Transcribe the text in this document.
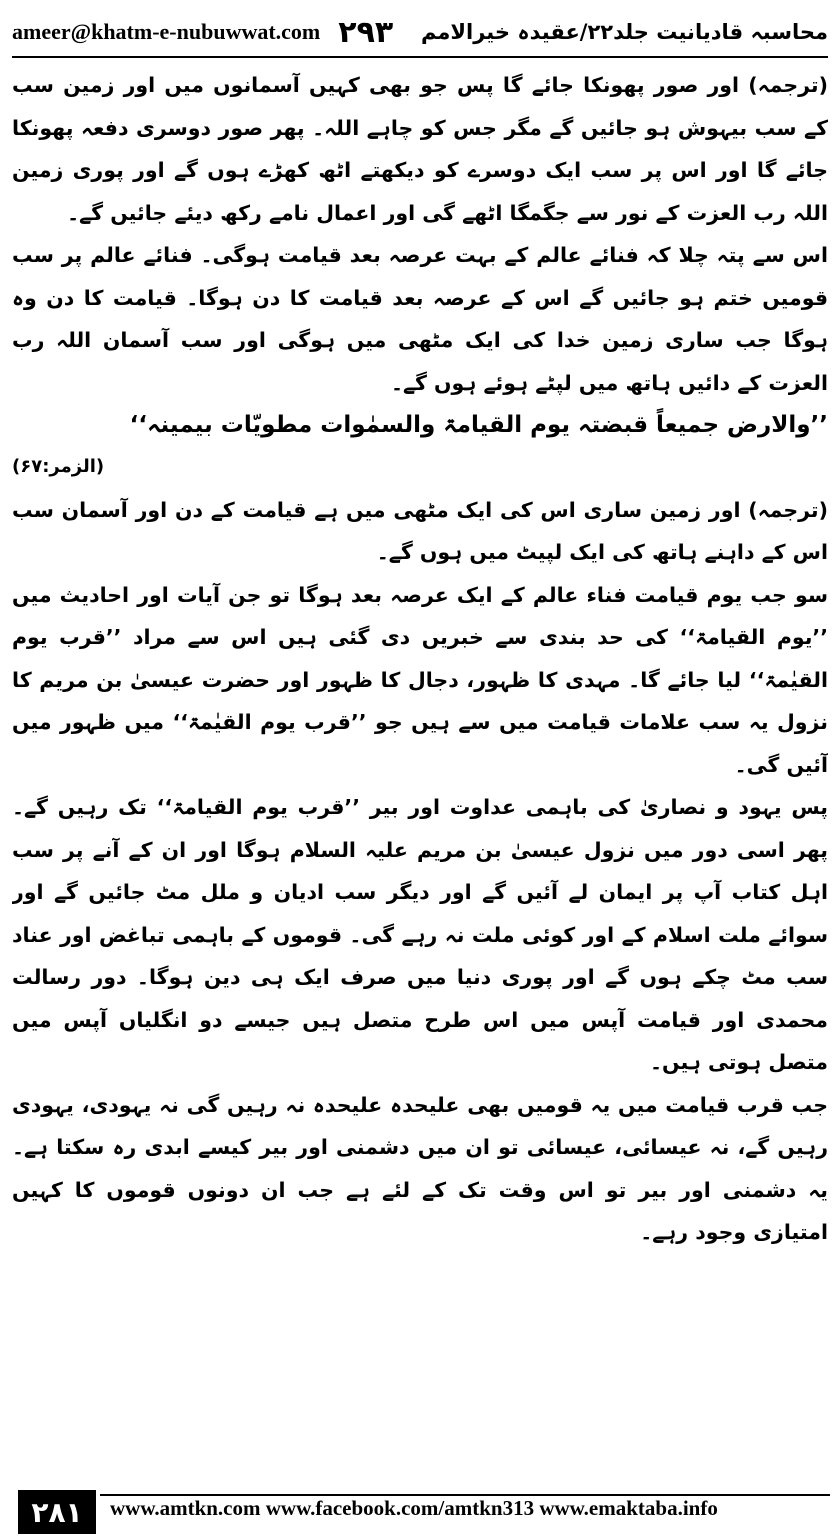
ameer@khatm-e-nubuwwat.com ۲۹۳ محاسبہ قادیانیت جلد۲۲/عقیدہ خیرالامم

(ترجمہ) اور صور پھونکا جائے گا پس جو بھی کہیں آسمانوں میں اور زمین سب کے سب بیہوش ہو جائیں گے مگر جس کو چاہے اللہ۔ پھر صور دوسری دفعہ پھونکا جائے گا اور اس پر سب ایک دوسرے کو دیکھتے اٹھ کھڑے ہوں گے اور پوری زمین اللہ رب العزت کے نور سے جگمگا اٹھے گی اور اعمال نامے رکھ دیئے جائیں گے۔

اس سے پتہ چلا کہ فنائے عالم کے بہت عرصہ بعد قیامت ہوگی۔ فنائے عالم پر سب قومیں ختم ہو جائیں گے اس کے عرصہ بعد قیامت کا دن ہوگا۔ قیامت کا دن وہ ہوگا جب ساری زمین خدا کی ایک مٹھی میں ہوگی اور سب آسمان اللہ رب العزت کے دائیں ہاتھ میں لپٹے ہوئے ہوں گے۔

’’والارض جمیعاً قبضتہ یوم القیامۃ والسمٰوات مطویّات بیمینہ‘‘

(الزمر:۶۷)

(ترجمہ) اور زمین ساری اس کی ایک مٹھی میں ہے قیامت کے دن اور آسمان سب اس کے داہنے ہاتھ کی ایک لپیٹ میں ہوں گے۔

سو جب یوم قیامت فناء عالم کے ایک عرصہ بعد ہوگا تو جن آیات اور احادیث میں ’’یوم القیامۃ‘‘ کی حد بندی سے خبریں دی گئی ہیں اس سے مراد ’’قرب یوم القیٰمۃ‘‘ لیا جائے گا۔ مہدی کا ظہور، دجال کا ظہور اور حضرت عیسیٰ بن مریم کا نزول یہ سب علامات قیامت میں سے ہیں جو ’’قرب یوم القیٰمۃ‘‘ میں ظہور میں آئیں گی۔

پس یہود و نصاریٰ کی باہمی عداوت اور بیر ’’قرب یوم القیامۃ‘‘ تک رہیں گے۔ پھر اسی دور میں نزول عیسیٰ بن مریم علیہ السلام ہوگا اور ان کے آنے پر سب اہل کتاب آپ پر ایمان لے آئیں گے اور دیگر سب ادیان و ملل مٹ جائیں گے اور سوائے ملت اسلام کے اور کوئی ملت نہ رہے گی۔ قوموں کے باہمی تباغض اور عناد سب مٹ چکے ہوں گے اور پوری دنیا میں صرف ایک ہی دین ہوگا۔ دور رسالت محمدی اور قیامت آپس میں اس طرح متصل ہیں جیسے دو انگلیاں آپس میں متصل ہوتی ہیں۔

جب قرب قیامت میں یہ قومیں بھی علیحدہ علیحدہ نہ رہیں گی نہ یہودی، یہودی رہیں گے، نہ عیسائی، عیسائی تو ان میں دشمنی اور بیر کیسے ابدی رہ سکتا ہے۔ یہ دشمنی اور بیر تو اس وقت تک کے لئے ہے جب ان دونوں قوموں کا کہیں امتیازی وجود رہے۔

۲۸۱	www.amtkn.com www.facebook.com/amtkn313 www.emaktaba.info
